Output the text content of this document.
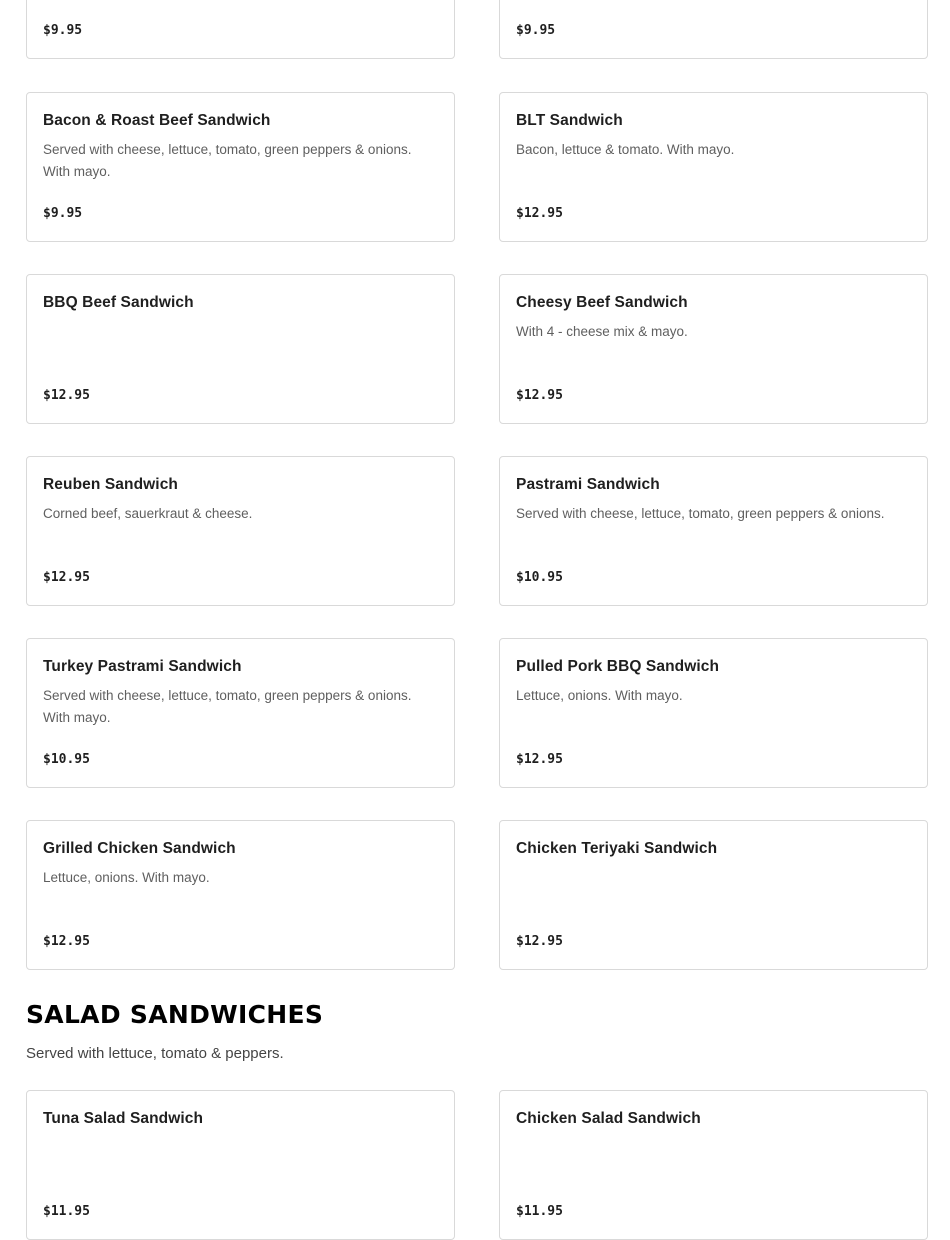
$9.95	$9.95
Bacon & Roast Beef Sandwich
Served with cheese, lettuce, tomato, green peppers & onions. With mayo.
$9.95
BLT Sandwich
Bacon, lettuce & tomato. With mayo.
$12.95
BBQ Beef Sandwich
$12.95
Cheesy Beef Sandwich
With 4 - cheese mix & mayo.
$12.95
Reuben Sandwich
Corned beef, sauerkraut & cheese.
$12.95
Pastrami Sandwich
Served with cheese, lettuce, tomato, green peppers & onions.
$10.95
Turkey Pastrami Sandwich
Served with cheese, lettuce, tomato, green peppers & onions. With mayo.
$10.95
Pulled Pork BBQ Sandwich
Lettuce, onions. With mayo.
$12.95
Grilled Chicken Sandwich
Lettuce, onions. With mayo.
$12.95
Chicken Teriyaki Sandwich
$12.95
SALAD SANDWICHES

Served with lettuce, tomato & peppers.

Tuna Salad Sandwich
$11.95
Chicken Salad Sandwich
$11.95
